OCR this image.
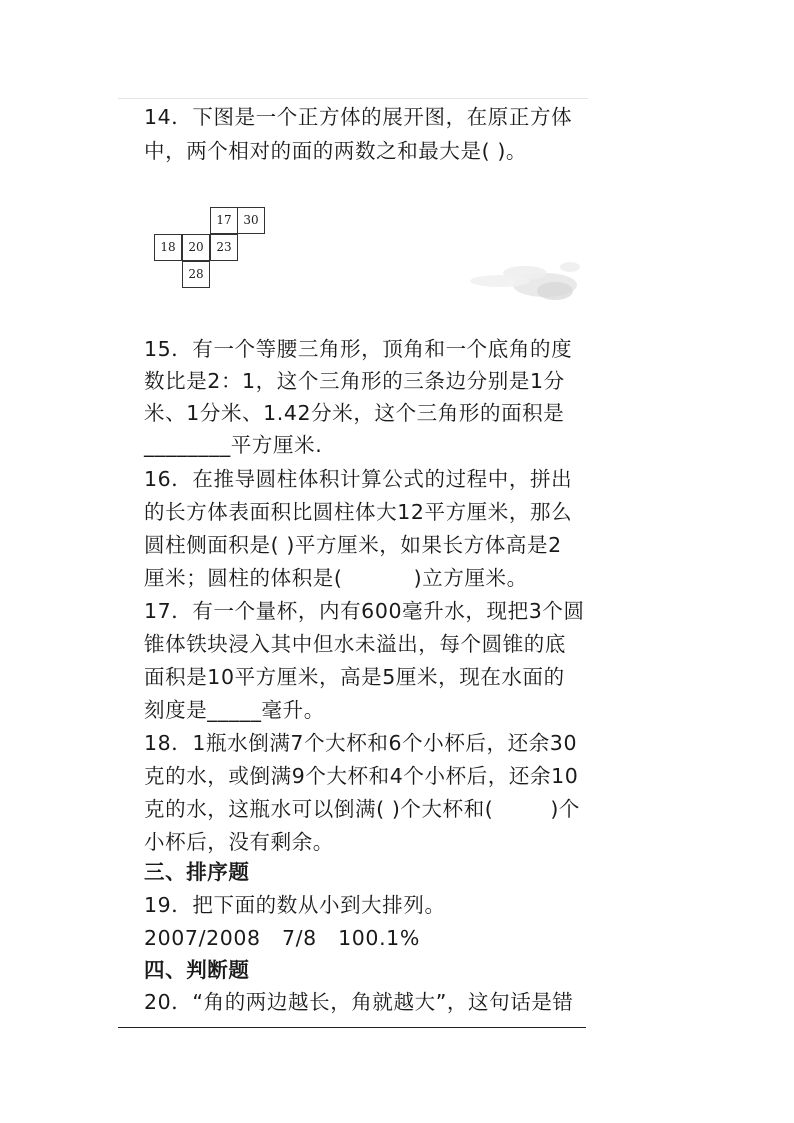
14．下图是一个正方体的展开图，在原正方体
中，两个相对的面的两数之和最大是( )。
17 30
18	20	23
28
15．有一个等腰三角形，顶角和一个底角的度
数比是2：1，这个三角形的三条边分别是1分
米、1分米、1.42分米，这个三角形的面积是
________平方厘米.
16．在推导圆柱体积计算公式的过程中，拼出
的长方体表面积比圆柱体大12平方厘米，那么
圆柱侧面积是( )平方厘米，如果长方体高是2
厘米；圆柱的体积是(          )立方厘米。
17．有一个量杯，内有600毫升水，现把3个圆
锥体铁块浸入其中但水未溢出，每个圆锥的底
面积是10平方厘米，高是5厘米，现在水面的
刻度是_____毫升。
18．1瓶水倒满7个大杯和6个小杯后，还余30
克的水，或倒满9个大杯和4个小杯后，还余10
克的水，这瓶水可以倒满( )个大杯和(        )个
小杯后，没有剩余。
三、排序题
19．把下面的数从小到大排列。
2007/2008   7/8   100.1%
四、判断题
20．“角的两边越长，角就越大”，这句话是错
